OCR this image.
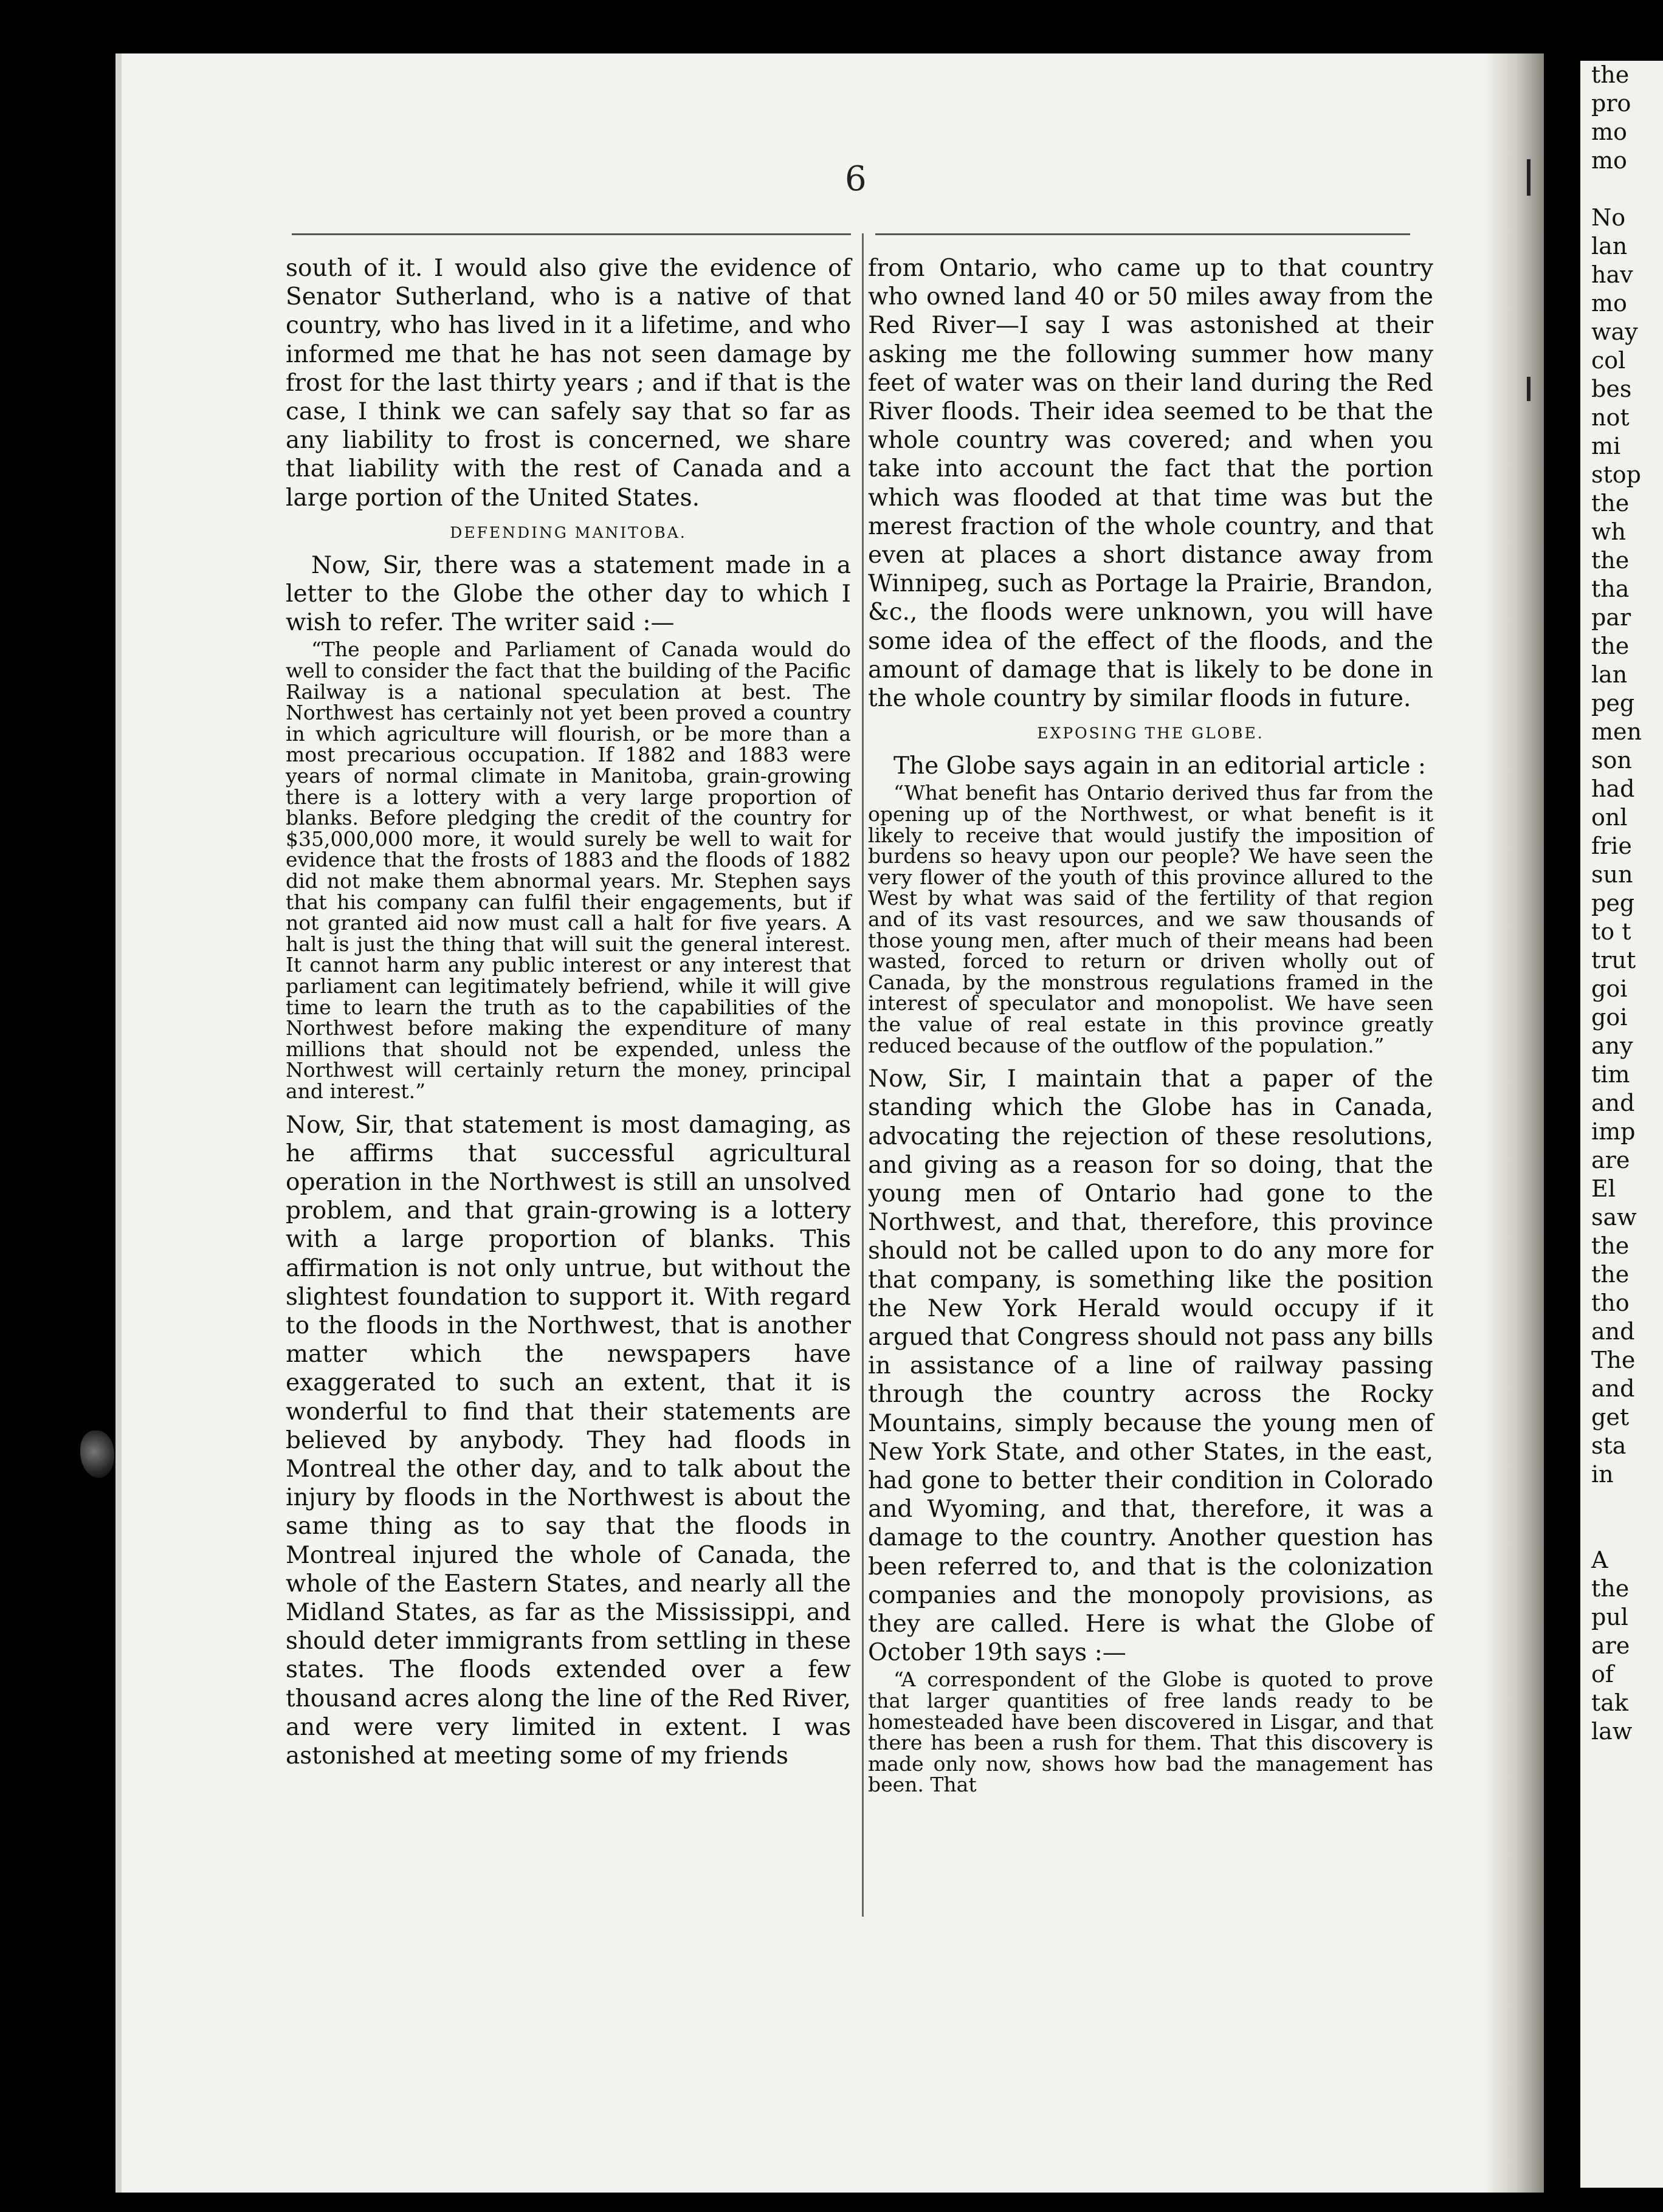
the
pro
mo
mo

No
lan
hav
mo
way
col
bes
not
mi
stop
the
wh
the
tha
par
the
lan
peg
men
son
had
onl
frie
sun
peg
to t
trut
goi
goi
any
tim
and
imp
are
El
saw
the
the
tho
and
The
and
get
sta
in

A
the
pul
are
of
tak
law
6

south of it. I would also give the evidence of Senator Sutherland, who is a native of that country, who has lived in it a lifetime, and who informed me that he has not seen damage by frost for the last thirty years ; and if that is the case, I think we can safely say that so far as any liability to frost is concerned, we share that liability with the rest of Canada and a large portion of the United States.

DEFENDING MANITOBA.

Now, Sir, there was a statement made in a letter to the Globe the other day to which I wish to refer. The writer said :—

“The people and Parliament of Canada would do well to consider the fact that the building of the Pacific Railway is a national speculation at best. The Northwest has certainly not yet been proved a country in which agriculture will flourish, or be more than a most precarious occupation. If 1882 and 1883 were years of normal climate in Manitoba, grain-growing there is a lottery with a very large proportion of blanks. Before pledging the credit of the country for $35,000,000 more, it would surely be well to wait for evidence that the frosts of 1883 and the floods of 1882 did not make them abnormal years. Mr. Stephen says that his company can fulfil their engagements, but if not granted aid now must call a halt for five years. A halt is just the thing that will suit the general interest. It cannot harm any public interest or any interest that parliament can legitimately befriend, while it will give time to learn the truth as to the capabilities of the Northwest before making the expenditure of many millions that should not be expended, unless the Northwest will certainly return the money, principal and interest.”

Now, Sir, that statement is most damaging, as he affirms that successful agricultural operation in the Northwest is still an unsolved problem, and that grain-growing is a lottery with a large proportion of blanks. This affirmation is not only untrue, but without the slightest foundation to support it. With regard to the floods in the Northwest, that is another matter which the newspapers have exaggerated to such an extent, that it is wonderful to find that their statements are believed by anybody. They had floods in Montreal the other day, and to talk about the injury by floods in the Northwest is about the same thing as to say that the floods in Montreal injured the whole of Canada, the whole of the Eastern States, and nearly all the Midland States, as far as the Mississippi, and should deter immigrants from settling in these states. The floods extended over a few thousand acres along the line of the Red River, and were very limited in extent. I was astonished at meeting some of my friends

from Ontario, who came up to that country who owned land 40 or 50 miles away from the Red River—I say I was astonished at their asking me the following summer how many feet of water was on their land during the Red River floods. Their idea seemed to be that the whole country was covered; and when you take into account the fact that the portion which was flooded at that time was but the merest fraction of the whole country, and that even at places a short distance away from Winnipeg, such as Portage la Prairie, Brandon, &c., the floods were unknown, you will have some idea of the effect of the floods, and the amount of damage that is likely to be done in the whole country by similar floods in future.

EXPOSING THE GLOBE.

The Globe says again in an editorial article :

“What benefit has Ontario derived thus far from the opening up of the Northwest, or what benefit is it likely to receive that would justify the imposition of burdens so heavy upon our people? We have seen the very flower of the youth of this province allured to the West by what was said of the fertility of that region and of its vast resources, and we saw thousands of those young men, after much of their means had been wasted, forced to return or driven wholly out of Canada, by the monstrous regulations framed in the interest of speculator and monopolist. We have seen the value of real estate in this province greatly reduced because of the outflow of the population.”

Now, Sir, I maintain that a paper of the standing which the Globe has in Canada, advocating the rejection of these resolutions, and giving as a reason for so doing, that the young men of Ontario had gone to the Northwest, and that, therefore, this province should not be called upon to do any more for that company, is something like the position the New York Herald would occupy if it argued that Congress should not pass any bills in assistance of a line of railway passing through the country across the Rocky Mountains, simply because the young men of New York State, and other States, in the east, had gone to better their condition in Colorado and Wyoming, and that, therefore, it was a damage to the country. Another question has been referred to, and that is the colonization companies and the monopoly provisions, as they are called. Here is what the Globe of October 19th says :—

“A correspondent of the Globe is quoted to prove that larger quantities of free lands ready to be homesteaded have been discovered in Lisgar, and that there has been a rush for them. That this discovery is made only now, shows how bad the management has been. That
